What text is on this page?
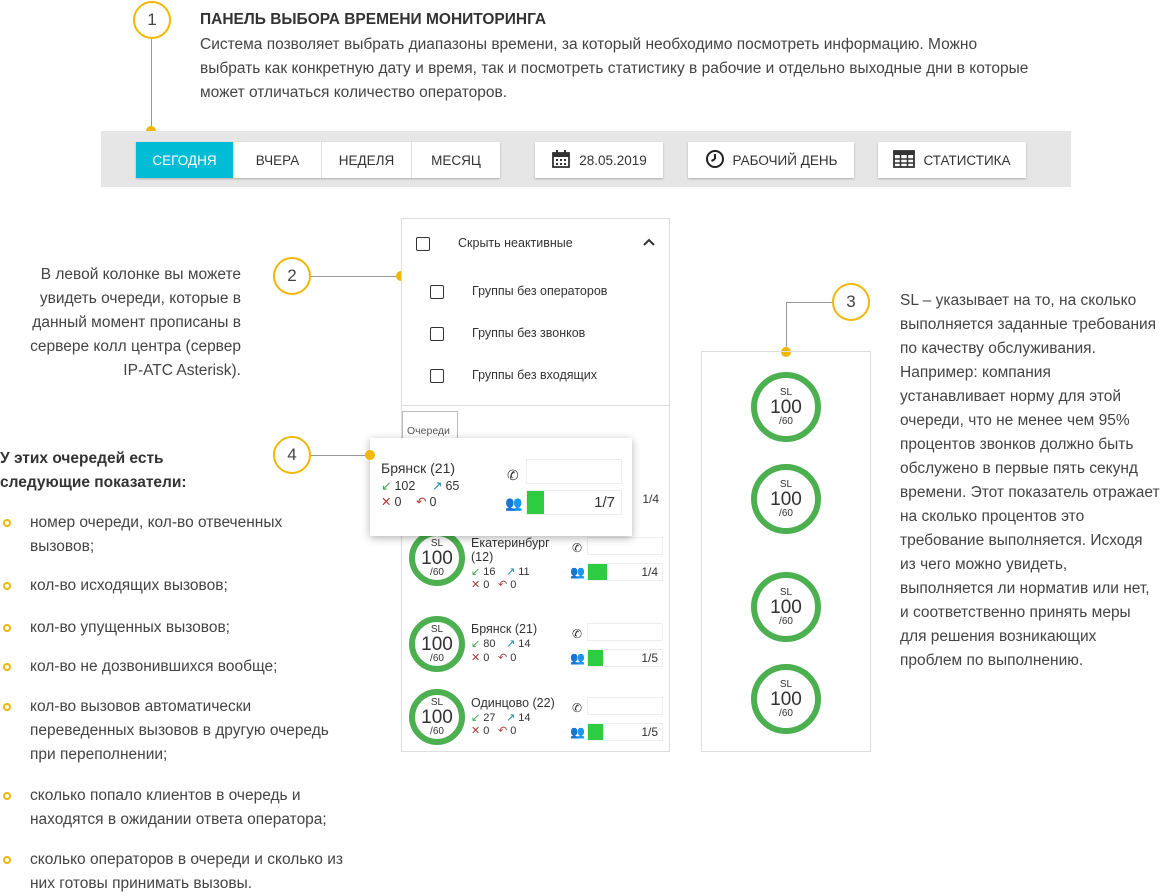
1	ПАНЕЛЬ ВЫБОРА ВРЕМЕНИ МОНИТОРИНГА
Система позволяет выбрать диапазоны времени, за который необходимо посмотреть информацию. Можно
выбрать как конкретную дату и время, так и посмотреть статистику в рабочие и отдельно выходные дни в которые
может отличаться количество операторов.
СЕГОДНЯ	ВЧЕРА	НЕДЕЛЯ	МЕСЯЦ	28.05.2019	РАБОЧИЙ ДЕНЬ	СТАТИСТИКА
В левой колонке вы можете
увидеть очереди, которые в
данный момент прописаны в
сервере колл центра (сервер
IP-ATC Asterisk).
2
Скрыть неактивные
Группы без операторов
Группы без звонков
Группы без входящих
Очереди
1/4
SL
100
/60
Екатеринбург (12)
↙ 16 ↗ 11
✕ 0 ↶ 0
✆
👥	1/4
SL
100
/60
Брянск (21)
↙ 80 ↗ 14
✕ 0 ↶ 0
✆
👥	1/5
SL
100
/60
Одинцово (22)
↙ 27 ↗ 14
✕ 0 ↶ 0
✆
👥	1/5
Брянск (21)
↙ 102 ↗ 65
✕ 0 ↶ 0
✆
👥	1/7
4
3
SL
100
/60
SL
100
/60
SL
100
/60
SL
100
/60
SL – указывает на то, на сколько
выполняется заданные требования
по качеству обслуживания.
Например: компания
устанавливает норму для этой
очереди, что не менее чем 95%
процентов звонков должно быть
обслужено в первые пять секунд
времени. Этот показатель отражает
на сколько процентов это
требование выполняется. Исходя
из чего можно увидеть,
выполняется ли норматив или нет,
и соответственно принять меры
для решения возникающих
проблем по выполнению.
У этих очередей есть
следующие показатели:
номер очереди, кол-во отвеченных
вызовов;
кол-во исходящих вызовов;
кол-во упущенных вызовов;
кол-во не дозвонившихся вообще;
кол-во вызовов автоматически
переведенных вызовов в другую очередь
при переполнении;
сколько попало клиентов в очередь и
находятся в ожидании ответа оператора;
сколько операторов в очереди и сколько из
них готовы принимать вызовы.
